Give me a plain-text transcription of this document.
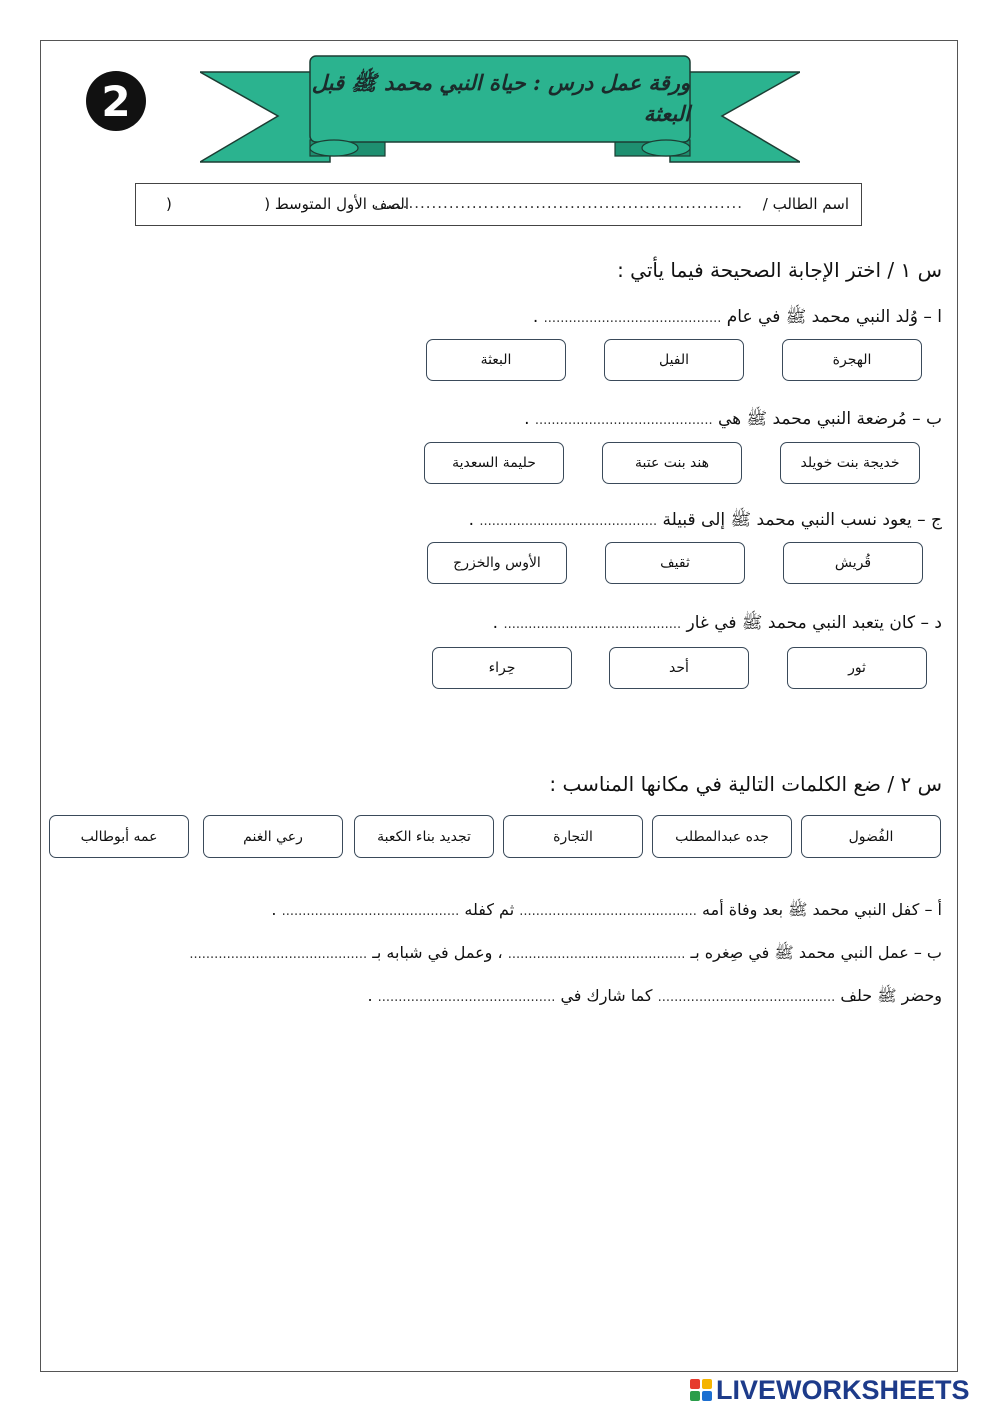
2	ورقة عمل درس : حياة النبي محمد ﷺ قبل البعثة
اسم الطالب /
................................................................
الصف الأول المتوسط (
)
س ١ / اختر الإجابة الصحيحة فيما يأتي :
ا – وُلد النبي محمد ﷺ في عام ........................................... .
الهجرة
الفيل
البعثة
ب – مُرضعة النبي محمد ﷺ هي ........................................... .
خديجة بنت خويلد
هند بنت عتبة
حليمة السعدية
ج – يعود نسب النبي محمد ﷺ إلى قبيلة ........................................... .
قُريش
ثقيف
الأوس والخزرج
د – كان يتعبد النبي محمد ﷺ في غار ........................................... .
ثور
أحد
حِراء
س ٢ / ضع الكلمات التالية في مكانها المناسب :
الفُضول
جده عبدالمطلب
التجارة
تجديد بناء الكعبة
رعي الغنم
عمه أبوطالب
أ – كفل النبي محمد ﷺ بعد وفاة أمه ........................................... ثم كفله ........................................... .
ب – عمل النبي محمد ﷺ في صِغره بـ ........................................... ، وعمل في شبابه بـ ...........................................
وحضر ﷺ حلف ........................................... كما شارك في ........................................... .
LIVEWORKSHEETS
